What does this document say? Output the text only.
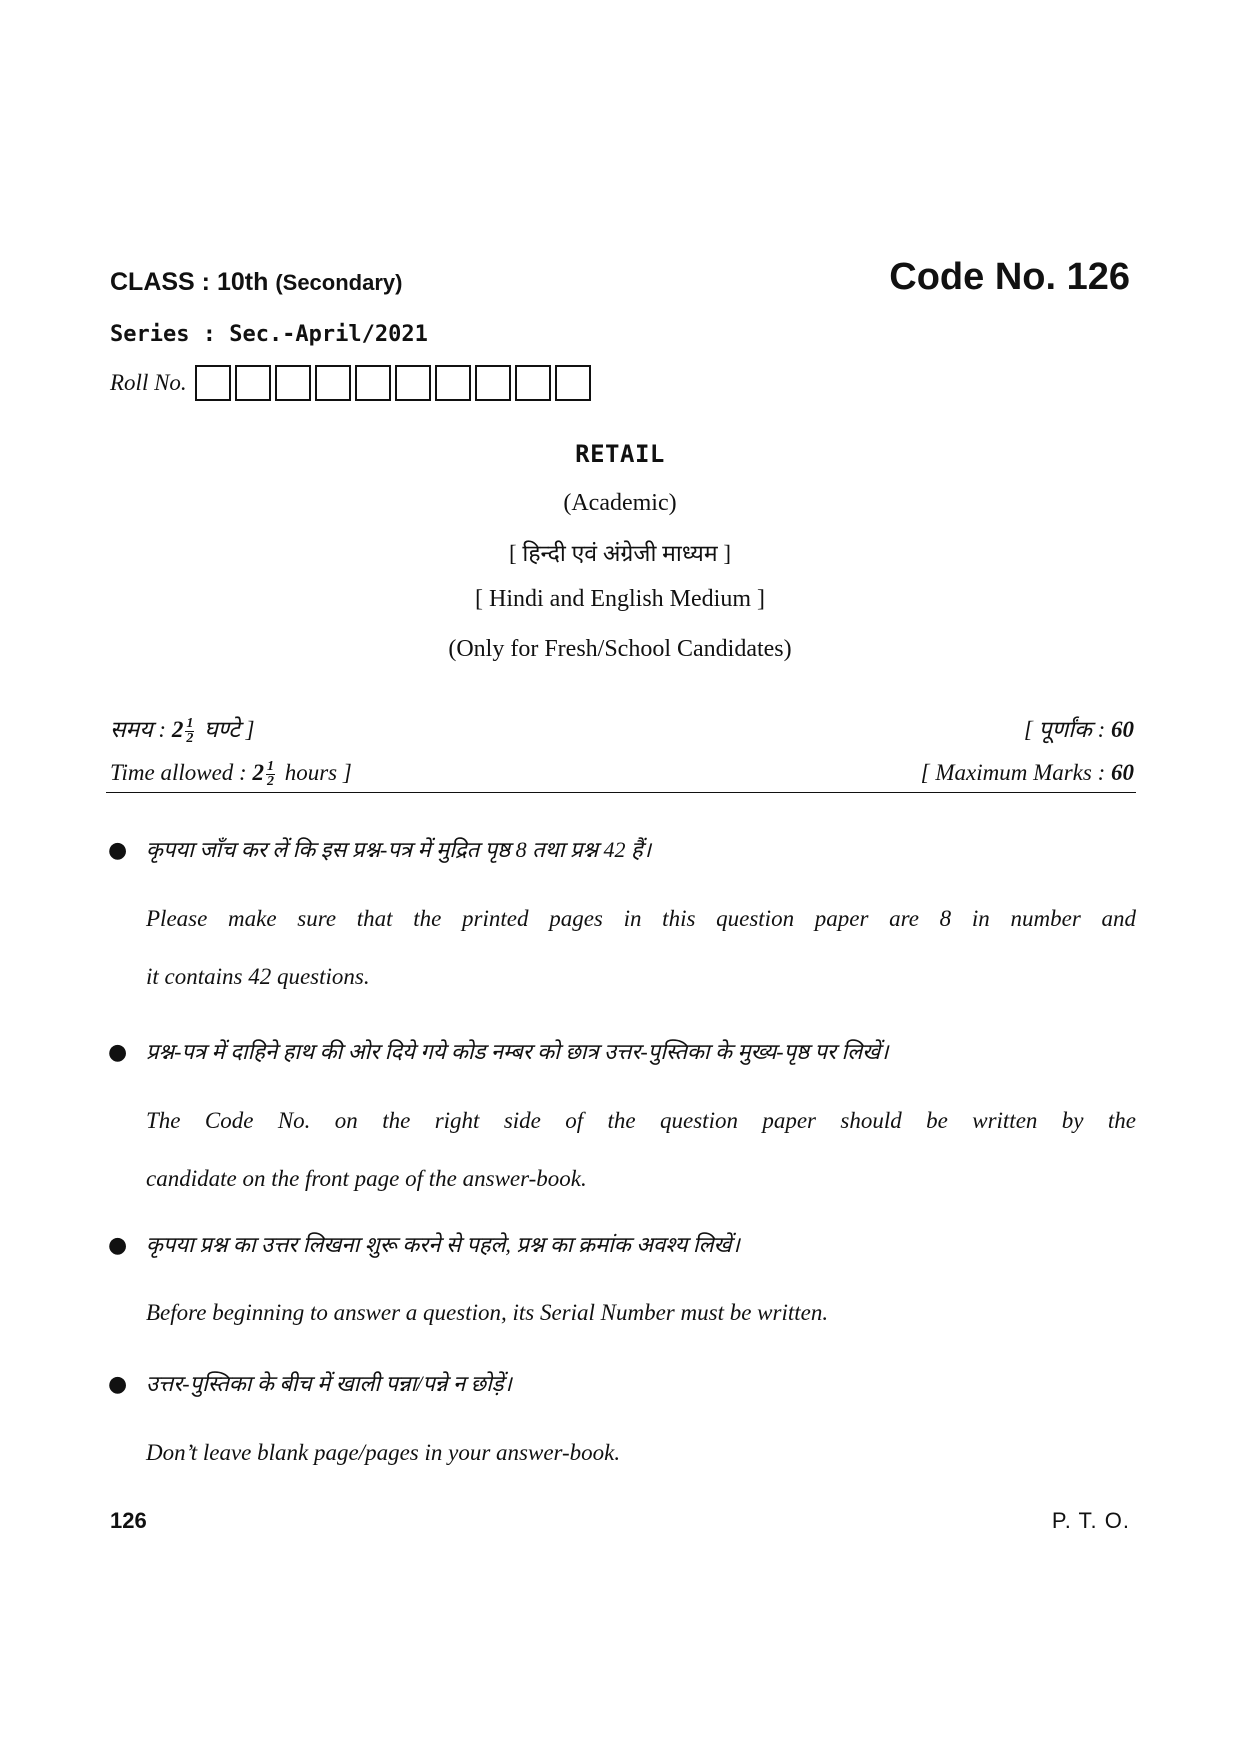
CLASS : 10th (Secondary)	Code No. 126
Series : Sec.-April/2021
Roll No.
RETAIL
(Academic)
[ हिन्दी एवं अंग्रेजी माध्यम ]
[ Hindi and English Medium ]
(Only for Fresh/School Candidates)
समय : $2 \frac{1}{2}$ घण्टे ]	[ पूर्णांक : 60
Time allowed : $2 \frac{1}{2}$ hours ]	[ Maximum Marks : 60
● कृपया जाँच कर लें कि इस प्रश्न-पत्र में मुद्रित पृष्ठ 8 तथा प्रश्न 42 हैं।
Please make sure that the printed pages in this question paper are 8 in number and
it contains 42 questions.
● प्रश्न-पत्र में दाहिने हाथ की ओर दिये गये कोड नम्बर को छात्र उत्तर-पुस्तिका के मुख्य-पृष्ठ पर लिखें।
The Code No. on the right side of the question paper should be written by the
candidate on the front page of the answer-book.
● कृपया प्रश्न का उत्तर लिखना शुरू करने से पहले, प्रश्न का क्रमांक अवश्य लिखें।
Before beginning to answer a question, its Serial Number must be written.
● उत्तर-पुस्तिका के बीच में खाली पन्ना/पन्ने न छोड़ें।
Don’t leave blank page/pages in your answer-book.
126	P. T. O.
